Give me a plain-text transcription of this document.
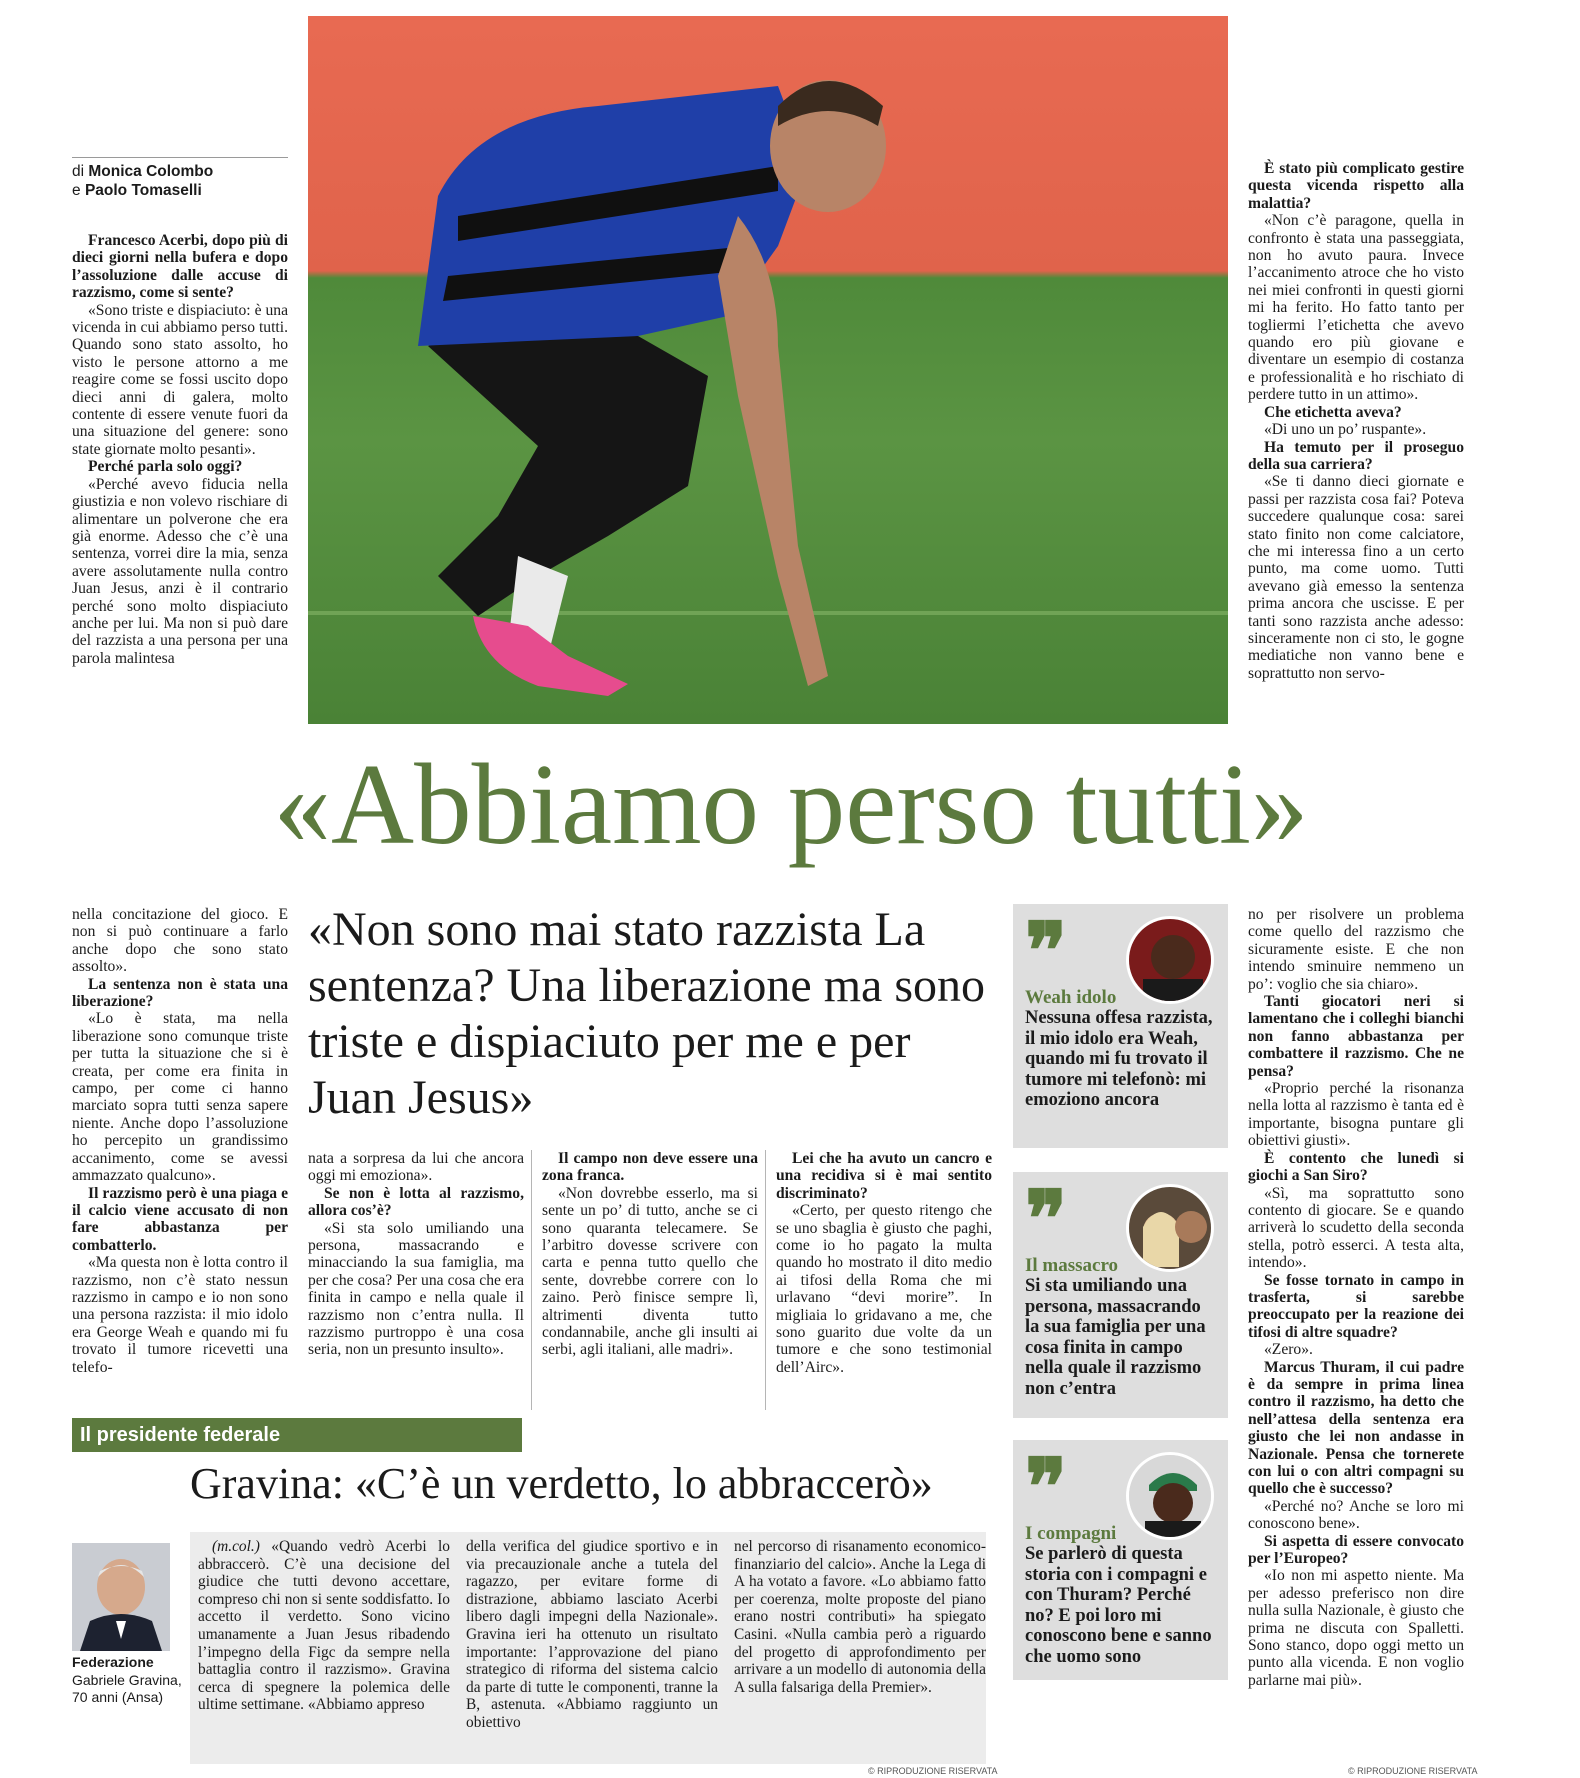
di Monica Colombo
e Paolo Tomaselli

Francesco Acerbi, dopo più di dieci giorni nella bufera e dopo l’assoluzione dalle accuse di razzismo, come si sente?

«Sono triste e dispiaciuto: è una vicenda in cui abbiamo perso tutti. Quando sono stato assolto, ho visto le persone attorno a me reagire come se fossi uscito dopo dieci anni di galera, molto contente di essere venute fuori da una situazione del genere: sono state giornate molto pesanti».

Perché parla solo oggi?

«Perché avevo fiducia nella giustizia e non volevo rischiare di alimentare un polverone che era già enorme. Adesso che c’è una sentenza, vorrei dire la mia, senza avere assolutamente nulla contro Juan Jesus, anzi è il contrario perché sono molto dispiaciuto anche per lui. Ma non si può dare del razzista a una persona per una parola malintesa

È stato più complicato gestire questa vicenda rispetto alla malattia?

«Non c’è paragone, quella in confronto è stata una passeggiata, non ho avuto paura. Invece l’accanimento atroce che ho visto nei miei confronti in questi giorni mi ha ferito. Ho fatto tanto per togliermi l’etichetta che avevo quando ero più giovane e diventare un esempio di costanza e professionalità e ho rischiato di perdere tutto in un attimo».

Che etichetta aveva?

«Di uno un po’ ruspante».

Ha temuto per il proseguo della sua carriera?

«Se ti danno dieci giornate e passi per razzista cosa fai? Poteva succedere qualunque cosa: sarei stato finito non come calciatore, che mi interessa fino a un certo punto, ma come uomo. Tutti avevano già emesso la sentenza prima ancora che uscisse. E per tanti sono razzista anche adesso: sinceramente non ci sto, le gogne mediatiche non vanno bene e soprattutto non servo-

«Abbiamo perso tutti»

nella concitazione del gioco. E non si può continuare a farlo anche dopo che sono stato assolto».

La sentenza non è stata una liberazione?

«Lo è stata, ma nella liberazione sono comunque triste per tutta la situazione che si è creata, per come era finita in campo, per come ci hanno marciato sopra tutti senza sapere niente. Anche dopo l’assoluzione ho percepito un grandissimo accanimento, come se avessi ammazzato qualcuno».

Il razzismo però è una piaga e il calcio viene accusato di non fare abbastanza per combatterlo.

«Ma questa non è lotta contro il razzismo, non c’è stato nessun razzismo in campo e io non sono una persona razzista: il mio idolo era George Weah e quando mi fu trovato il tumore ricevetti una telefo-

«Non sono mai stato razzista La sentenza? Una liberazione ma sono triste e dispiaciuto per me e per Juan Jesus»

nata a sorpresa da lui che ancora oggi mi emoziona».

Se non è lotta al razzismo, allora cos’è?

«Si sta solo umiliando una persona, massacrando e minacciando la sua famiglia, ma per che cosa? Per una cosa che era finita in campo e nella quale il razzismo non c’entra nulla. Il razzismo purtroppo è una cosa seria, non un presunto insulto».

Il campo non deve essere una zona franca.

«Non dovrebbe esserlo, ma si sente un po’ di tutto, anche se ci sono quaranta telecamere. Se l’arbitro dovesse scrivere con carta e penna tutto quello che sente, dovrebbe correre con lo zaino. Però finisce sempre lì, altrimenti diventa tutto condannabile, anche gli insulti ai serbi, agli italiani, alle madri».

Lei che ha avuto un cancro e una recidiva si è mai sentito discriminato?

«Certo, per questo ritengo che se uno sbaglia è giusto che paghi, come io ho pagato la multa quando ho mostrato il dito medio ai tifosi della Roma che mi urlavano “devi morire”. In migliaia lo gridavano a me, che sono guarito due volte da un tumore e che sono testimonial dell’Airc».

❞
Weah idolo
Nessuna offesa razzista, il mio idolo era Weah, quando mi fu trovato il tumore mi telefonò: mi emoziono ancora
❞
Il massacro
Si sta umiliando una persona, massacrando la sua famiglia per una cosa finita in campo nella quale il razzismo non c’entra
❞
I compagni
Se parlerò di questa storia con i compagni e con Thuram? Perché no? E poi loro mi conoscono bene e sanno che uomo sono

no per risolvere un problema come quello del razzismo che sicuramente esiste. E che non intendo sminuire nemmeno un po’: voglio che sia chiaro».

Tanti giocatori neri si lamentano che i colleghi bianchi non fanno abbastanza per combattere il razzismo. Che ne pensa?

«Proprio perché la risonanza nella lotta al razzismo è tanta ed è importante, bisogna puntare gli obiettivi giusti».

È contento che lunedì si giochi a San Siro?

«Sì, ma soprattutto sono contento di giocare. Se e quando arriverà lo scudetto della seconda stella, potrò esserci. A testa alta, intendo».

Se fosse tornato in campo in trasferta, si sarebbe preoccupato per la reazione dei tifosi di altre squadre?

«Zero».

Marcus Thuram, il cui padre è da sempre in prima linea contro il razzismo, ha detto che nell’attesa della sentenza era giusto che lei non andasse in Nazionale. Pensa che tornerete con lui o con altri compagni su quello che è successo?

«Perché no? Anche se loro mi conoscono bene».

Si aspetta di essere convocato per l’Europeo?

«Io non mi aspetto niente. Ma per adesso preferisco non dire nulla sulla Nazionale, è giusto che prima ne discuta con Spalletti. Sono stanco, dopo oggi metto un punto alla vicenda. E non voglio parlarne mai più».

Il presidente federale
Gravina: «C’è un verdetto, lo abbraccerò»
Federazione
Gabriele Gravina, 70 anni (Ansa)

(m.col.) «Quando vedrò Acerbi lo abbraccerò. C’è una decisione del giudice che tutti devono accettare, compreso chi non si sente soddisfatto. Io accetto il verdetto. Sono vicino umanamente a Juan Jesus ribadendo l’impegno della Figc da sempre nella battaglia contro il razzismo». Gravina cerca di spegnere la polemica delle ultime settimane. «Abbiamo appreso

della verifica del giudice sportivo e in via precauzionale anche a tutela del ragazzo, per evitare forme di distrazione, abbiamo lasciato Acerbi libero dagli impegni della Nazionale». Gravina ieri ha ottenuto un risultato importante: l’approvazione del piano strategico di riforma del sistema calcio da parte di tutte le componenti, tranne la B, astenuta. «Abbiamo raggiunto un obiettivo

nel percorso di risanamento economico-finanziario del calcio». Anche la Lega di A ha votato a favore. «Lo abbiamo fatto per coerenza, molte proposte del piano erano nostri contributi» ha spiegato Casini. «Nulla cambia però a riguardo del progetto di approfondimento per arrivare a un modello di autonomia della A sulla falsariga della Premier».

© RIPRODUZIONE RISERVATA	© RIPRODUZIONE RISERVATA
